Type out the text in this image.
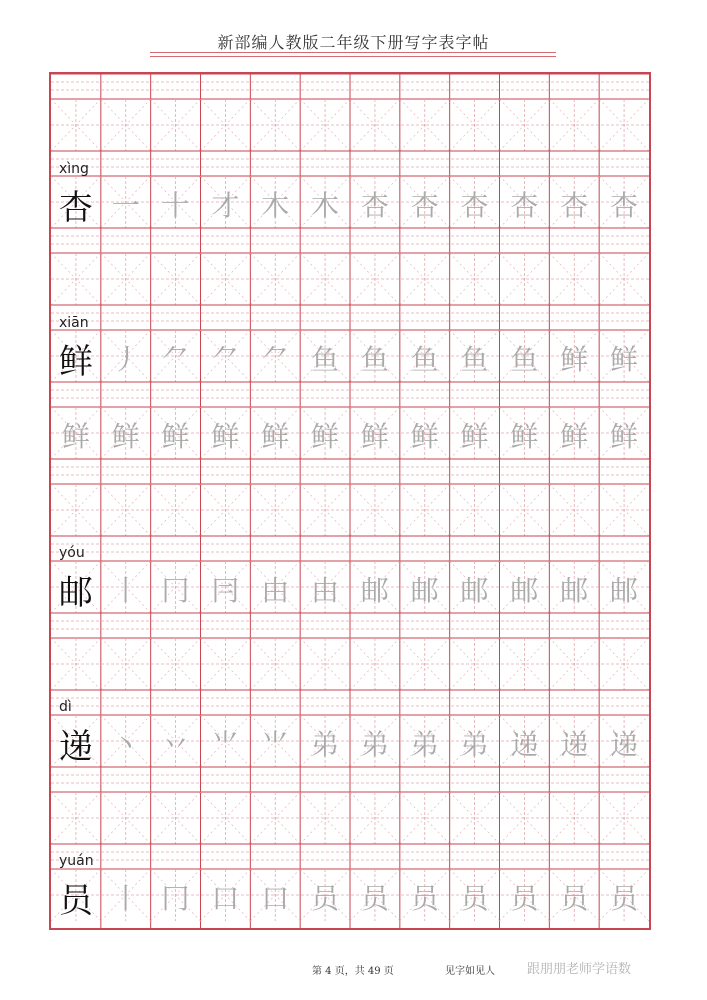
新部编人教版二年级下册写字表字帖
xìng
杏 一 十 才 木 木 杏 杏 杏 杏 杏 杏
xiān
鲜 丿 ⺈ ⺈ ⺈ 鱼 鱼 鱼 鱼 鱼 鲜 鲜
鲜 鲜 鲜 鲜 鲜 鲜 鲜 鲜 鲜 鲜 鲜 鲜
yóu
邮 丨 冂 冃 由 由 邮 邮 邮 邮 邮 邮
dì
递 丶 丷 ⺌ ⺌ 弟 弟 弟 弟 递 递 递
yuán
员 丨 冂 口 口 员 员 员 员 员 员 员
第 4 页，共 49 页	见字如见人 跟朋朋老师学语数
